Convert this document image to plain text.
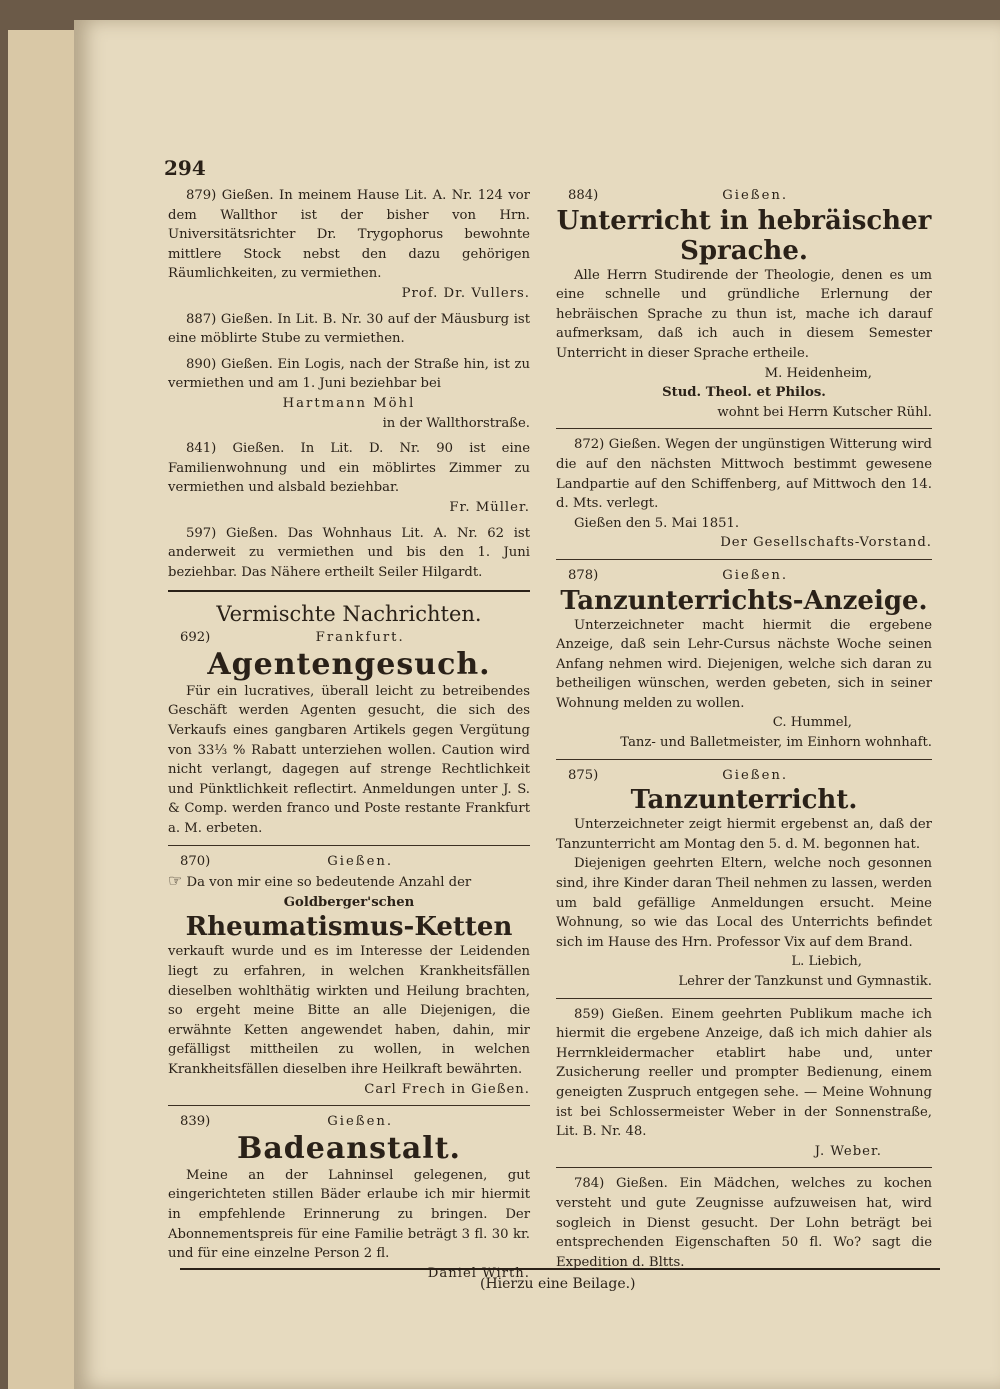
294

879) Gießen. In meinem Hause Lit. A. Nr. 124 vor dem Wallthor ist der bisher von Hrn. Universitätsrichter Dr. Trygophorus bewohnte mittlere Stock nebst den dazu gehörigen Räumlichkeiten, zu vermiethen.

Prof. Dr. Vullers.

887) Gießen. In Lit. B. Nr. 30 auf der Mäusburg ist eine möblirte Stube zu vermiethen.

890) Gießen. Ein Logis, nach der Straße hin, ist zu vermiethen und am 1. Juni beziehbar bei

Hartmann Möhl

in der Wallthorstraße.

841) Gießen. In Lit. D. Nr. 90 ist eine Familienwohnung und ein möblirtes Zimmer zu vermiethen und alsbald beziehbar.

Fr. Müller.

597) Gießen. Das Wohnhaus Lit. A. Nr. 62 ist anderweit zu vermiethen und bis den 1. Juni beziehbar. Das Nähere ertheilt Seiler Hilgardt.

Vermischte Nachrichten.
692)	Frankfurt.
Agentengesuch.

Für ein lucratives, überall leicht zu betreibendes Geschäft werden Agenten gesucht, die sich des Verkaufs eines gangbaren Artikels gegen Vergütung von 33⅓ % Rabatt unterziehen wollen. Caution wird nicht verlangt, dagegen auf strenge Rechtlichkeit und Pünktlichkeit reflectirt. Anmeldungen unter J. S. & Comp. werden franco und Poste restante Frankfurt a. M. erbeten.

870)	Gießen.

☞ Da von mir eine so bedeutende Anzahl der

Goldberger'schen

Rheumatismus-Ketten

verkauft wurde und es im Interesse der Leidenden liegt zu erfahren, in welchen Krankheitsfällen dieselben wohlthätig wirkten und Heilung brachten, so ergeht meine Bitte an alle Diejenigen, die erwähnte Ketten angewendet haben, dahin, mir gefälligst mittheilen zu wollen, in welchen Krankheitsfällen dieselben ihre Heilkraft bewährten.

Carl Frech in Gießen.

839)	Gießen.
Badeanstalt.

Meine an der Lahninsel gelegenen, gut eingerichteten stillen Bäder erlaube ich mir hiermit in empfehlende Erinnerung zu bringen. Der Abonnementspreis für eine Familie beträgt 3 fl. 30 kr. und für eine einzelne Person 2 fl.

Daniel Wirth.

884)	Gießen.
Unterricht in hebräischer Sprache.

Alle Herrn Studirende der Theologie, denen es um eine schnelle und gründliche Erlernung der hebräischen Sprache zu thun ist, mache ich darauf aufmerksam, daß ich auch in diesem Semester Unterricht in dieser Sprache ertheile.

M. Heidenheim,

Stud. Theol. et Philos.

wohnt bei Herrn Kutscher Rühl.

872) Gießen. Wegen der ungünstigen Witterung wird die auf den nächsten Mittwoch bestimmt gewesene Landpartie auf den Schiffenberg, auf Mittwoch den 14. d. Mts. verlegt.

Gießen den 5. Mai 1851.

Der Gesellschafts-Vorstand.

878)	Gießen.
Tanzunterrichts-Anzeige.

Unterzeichneter macht hiermit die ergebene Anzeige, daß sein Lehr-Cursus nächste Woche seinen Anfang nehmen wird. Diejenigen, welche sich daran zu betheiligen wünschen, werden gebeten, sich in seiner Wohnung melden zu wollen.

C. Hummel,

Tanz- und Balletmeister, im Einhorn wohnhaft.

875)	Gießen.
Tanzunterricht.

Unterzeichneter zeigt hiermit ergebenst an, daß der Tanzunterricht am Montag den 5. d. M. begonnen hat.

Diejenigen geehrten Eltern, welche noch gesonnen sind, ihre Kinder daran Theil nehmen zu lassen, werden um bald gefällige Anmeldungen ersucht. Meine Wohnung, so wie das Local des Unterrichts befindet sich im Hause des Hrn. Professor Vix auf dem Brand.

L. Liebich,

Lehrer der Tanzkunst und Gymnastik.

859) Gießen. Einem geehrten Publikum mache ich hiermit die ergebene Anzeige, daß ich mich dahier als Herrnkleidermacher etablirt habe und, unter Zusicherung reeller und prompter Bedienung, einem geneigten Zuspruch entgegen sehe. — Meine Wohnung ist bei Schlossermeister Weber in der Sonnenstraße, Lit. B. Nr. 48.

J. Weber.

784) Gießen. Ein Mädchen, welches zu kochen versteht und gute Zeugnisse aufzuweisen hat, wird sogleich in Dienst gesucht. Der Lohn beträgt bei entsprechenden Eigenschaften 50 fl. Wo? sagt die Expedition d. Bltts.

(Hierzu eine Beilage.)
